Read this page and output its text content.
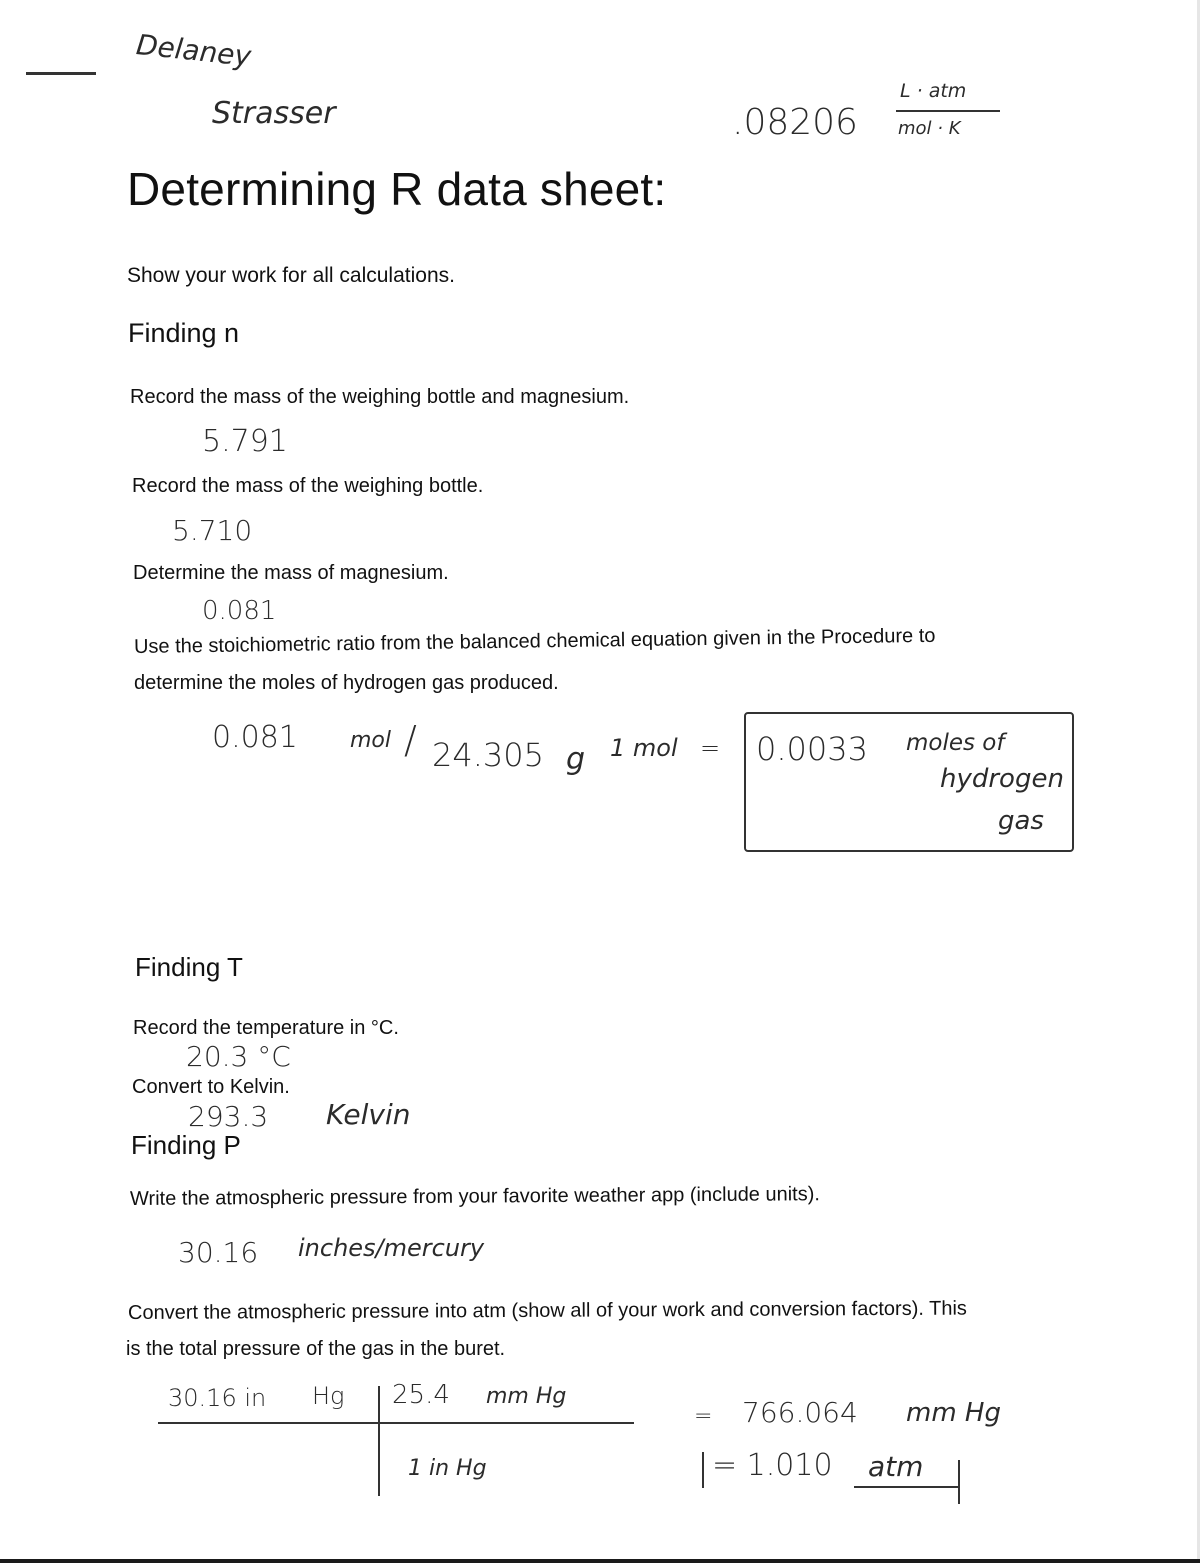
Delaney
Strasser	.08206
L · atm
mol · K
Determining R data sheet:
Show your work for all calculations.
Finding n
Record the mass of the weighing bottle and magnesium.
5.791
Record the mass of the weighing bottle.
5.710
Determine the mass of magnesium.
0.081
Use the stoichiometric ratio from the balanced chemical equation given in the Procedure to
determine the moles of hydrogen gas produced.
0.081 mol / 24.305 g 1 mol = 0.0033 moles of
hydrogen
gas
Finding T
Record the temperature in °C.
20.3 °C
Convert to Kelvin.
293.3 Kelvin
Finding P
Write the atmospheric pressure from your favorite weather app (include units).
30.16 inches/mercury
Convert the atmospheric pressure into atm (show all of your work and conversion factors). This
is the total pressure of the gas in the buret.
30.16 in Hg 25.4 mm Hg
1 in Hg
= 766.064 mm Hg
= 1.010 atm
